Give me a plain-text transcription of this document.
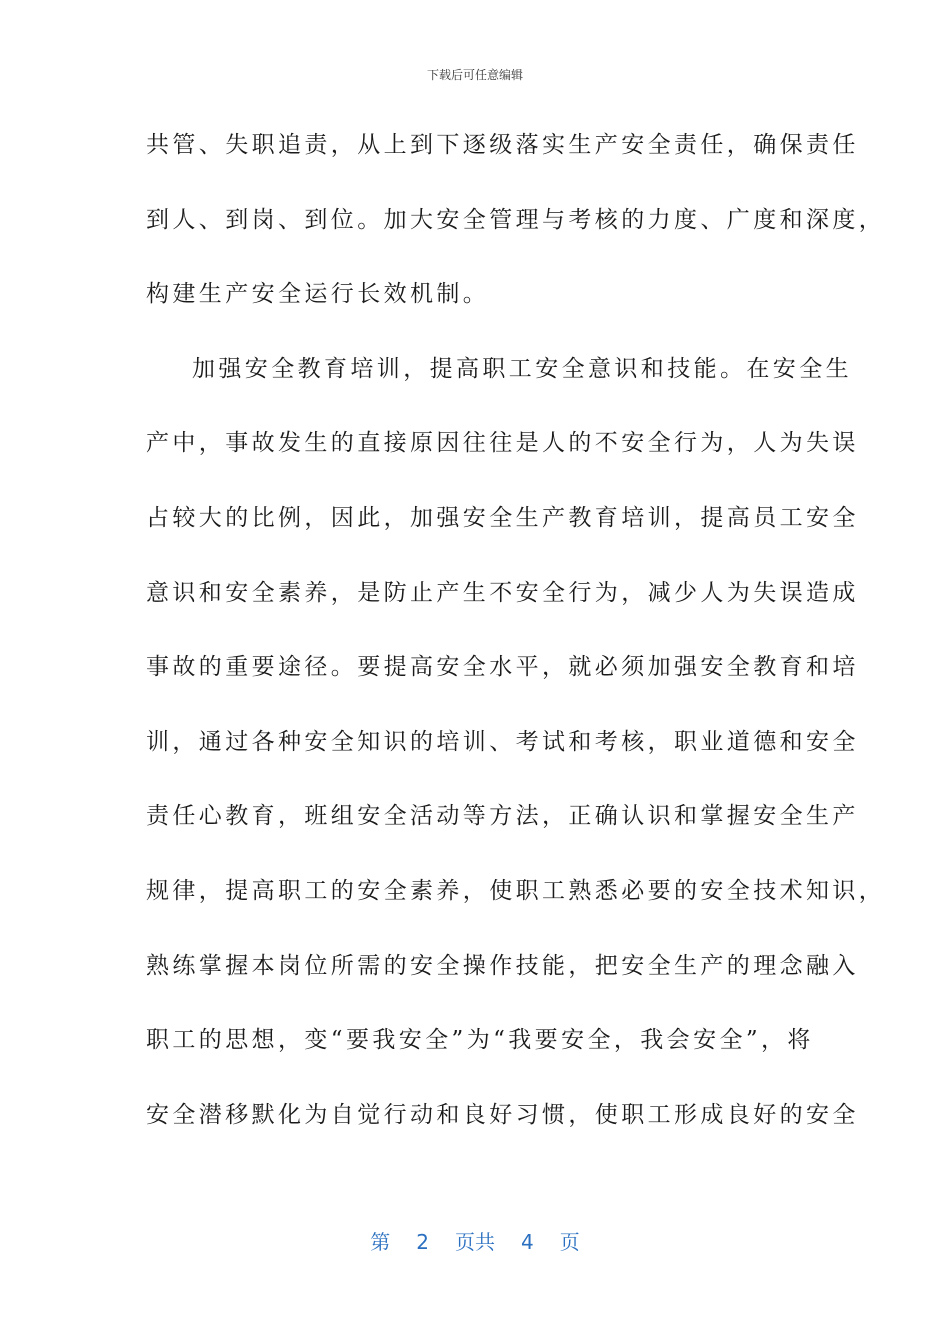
下载后可任意编辑
共管、失职追责，从上到下逐级落实生产安全责任，确保责任
到人、到岗、到位。加大安全管理与考核的力度、广度和深度，
构建生产安全运行长效机制。
加强安全教育培训，提高职工安全意识和技能。在安全生
产中，事故发生的直接原因往往是人的不安全行为，人为失误
占较大的比例，因此，加强安全生产教育培训，提高员工安全
意识和安全素养，是防止产生不安全行为，减少人为失误造成
事故的重要途径。要提高安全水平，就必须加强安全教育和培
训，通过各种安全知识的培训、考试和考核，职业道德和安全
责任心教育，班组安全活动等方法，正确认识和掌握安全生产
规律，提高职工的安全素养，使职工熟悉必要的安全技术知识，
熟练掌握本岗位所需的安全操作技能，把安全生产的理念融入
职工的思想，变“要我安全”为“我要安全，我会安全”，将
安全潜移默化为自觉行动和良好习惯，使职工形成良好的安全
第 2 页共 4 页
